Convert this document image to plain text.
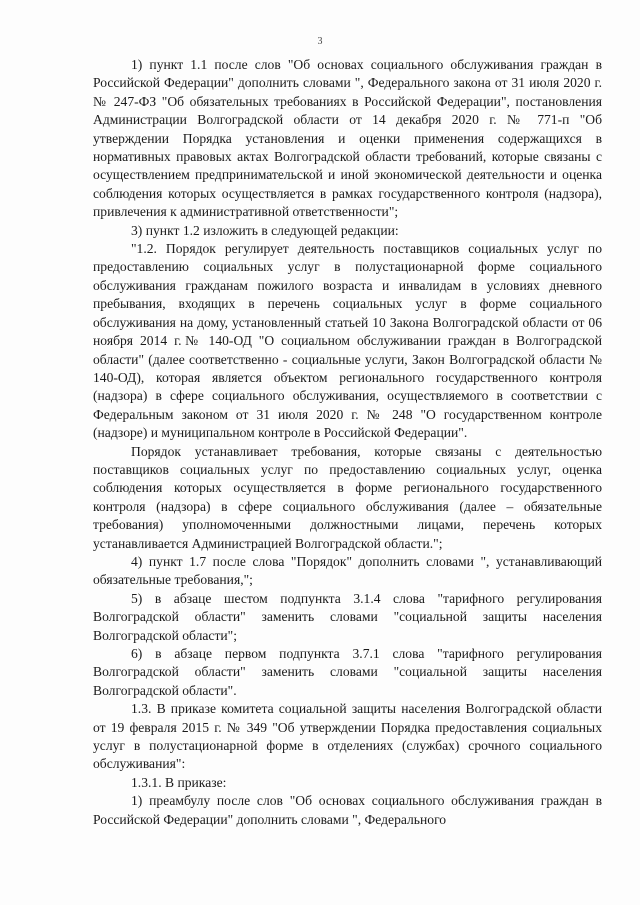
3

1) пункт 1.1 после слов "Об основах социального обслуживания граждан в Российской Федерации" дополнить словами ", Федерального закона от 31 июля 2020 г. № 247-ФЗ "Об обязательных требованиях в Российской Федерации", постановления Администрации Волгоградской области от 14 декабря 2020 г. № 771-п "Об утверждении Порядка установления и оценки применения содержащихся в нормативных правовых актах Волгоградской области требований, которые связаны с осуществлением предпринимательской и иной экономической деятельности и оценка соблюдения которых осуществляется в рамках государственного контроля (надзора), привлечения к административной ответственности";

3) пункт 1.2 изложить в следующей редакции:

"1.2. Порядок регулирует деятельность поставщиков социальных услуг по предоставлению социальных услуг в полустационарной форме социального обслуживания гражданам пожилого возраста и инвалидам в условиях дневного пребывания, входящих в перечень социальных услуг в форме социального обслуживания на дому, установленный статьей 10 Закона Волгоградской области от 06 ноября 2014 г.№ 140-ОД "О социальном обслуживании граждан в Волгоградской области" (далее соответственно - социальные услуги, Закон Волгоградской области № 140-ОД), которая является объектом регионального государственного контроля (надзора) в сфере социального обслуживания, осуществляемого в соответствии с Федеральным законом от 31 июля 2020 г. № 248 "О государственном контроле (надзоре) и муниципальном контроле в Российской Федерации".

Порядок устанавливает требования, которые связаны с деятельностью поставщиков социальных услуг по предоставлению социальных услуг, оценка соблюдения которых осуществляется в форме регионального государственного контроля (надзора) в сфере социального обслуживания (далее – обязательные требования) уполномоченными должностными лицами, перечень которых устанавливается Администрацией Волгоградской области.";

4) пункт 1.7 после слова "Порядок" дополнить словами ", устанавливающий обязательные требования,";

5) в абзаце шестом подпункта 3.1.4 слова "тарифного регулирования Волгоградской области" заменить словами "социальной защиты населения Волгоградской области";

6) в абзаце первом подпункта 3.7.1 слова "тарифного регулирования Волгоградской области" заменить словами "социальной защиты населения Волгоградской области".

1.3. В приказе комитета социальной защиты населения Волгоградской области от 19 февраля 2015 г. № 349 "Об утверждении Порядка предоставления социальных услуг в полустационарной форме в отделениях (службах) срочного социального обслуживания":

1.3.1. В приказе:

1) преамбулу после слов "Об основах социального обслуживания граждан в Российской Федерации" дополнить словами ", Федерального
